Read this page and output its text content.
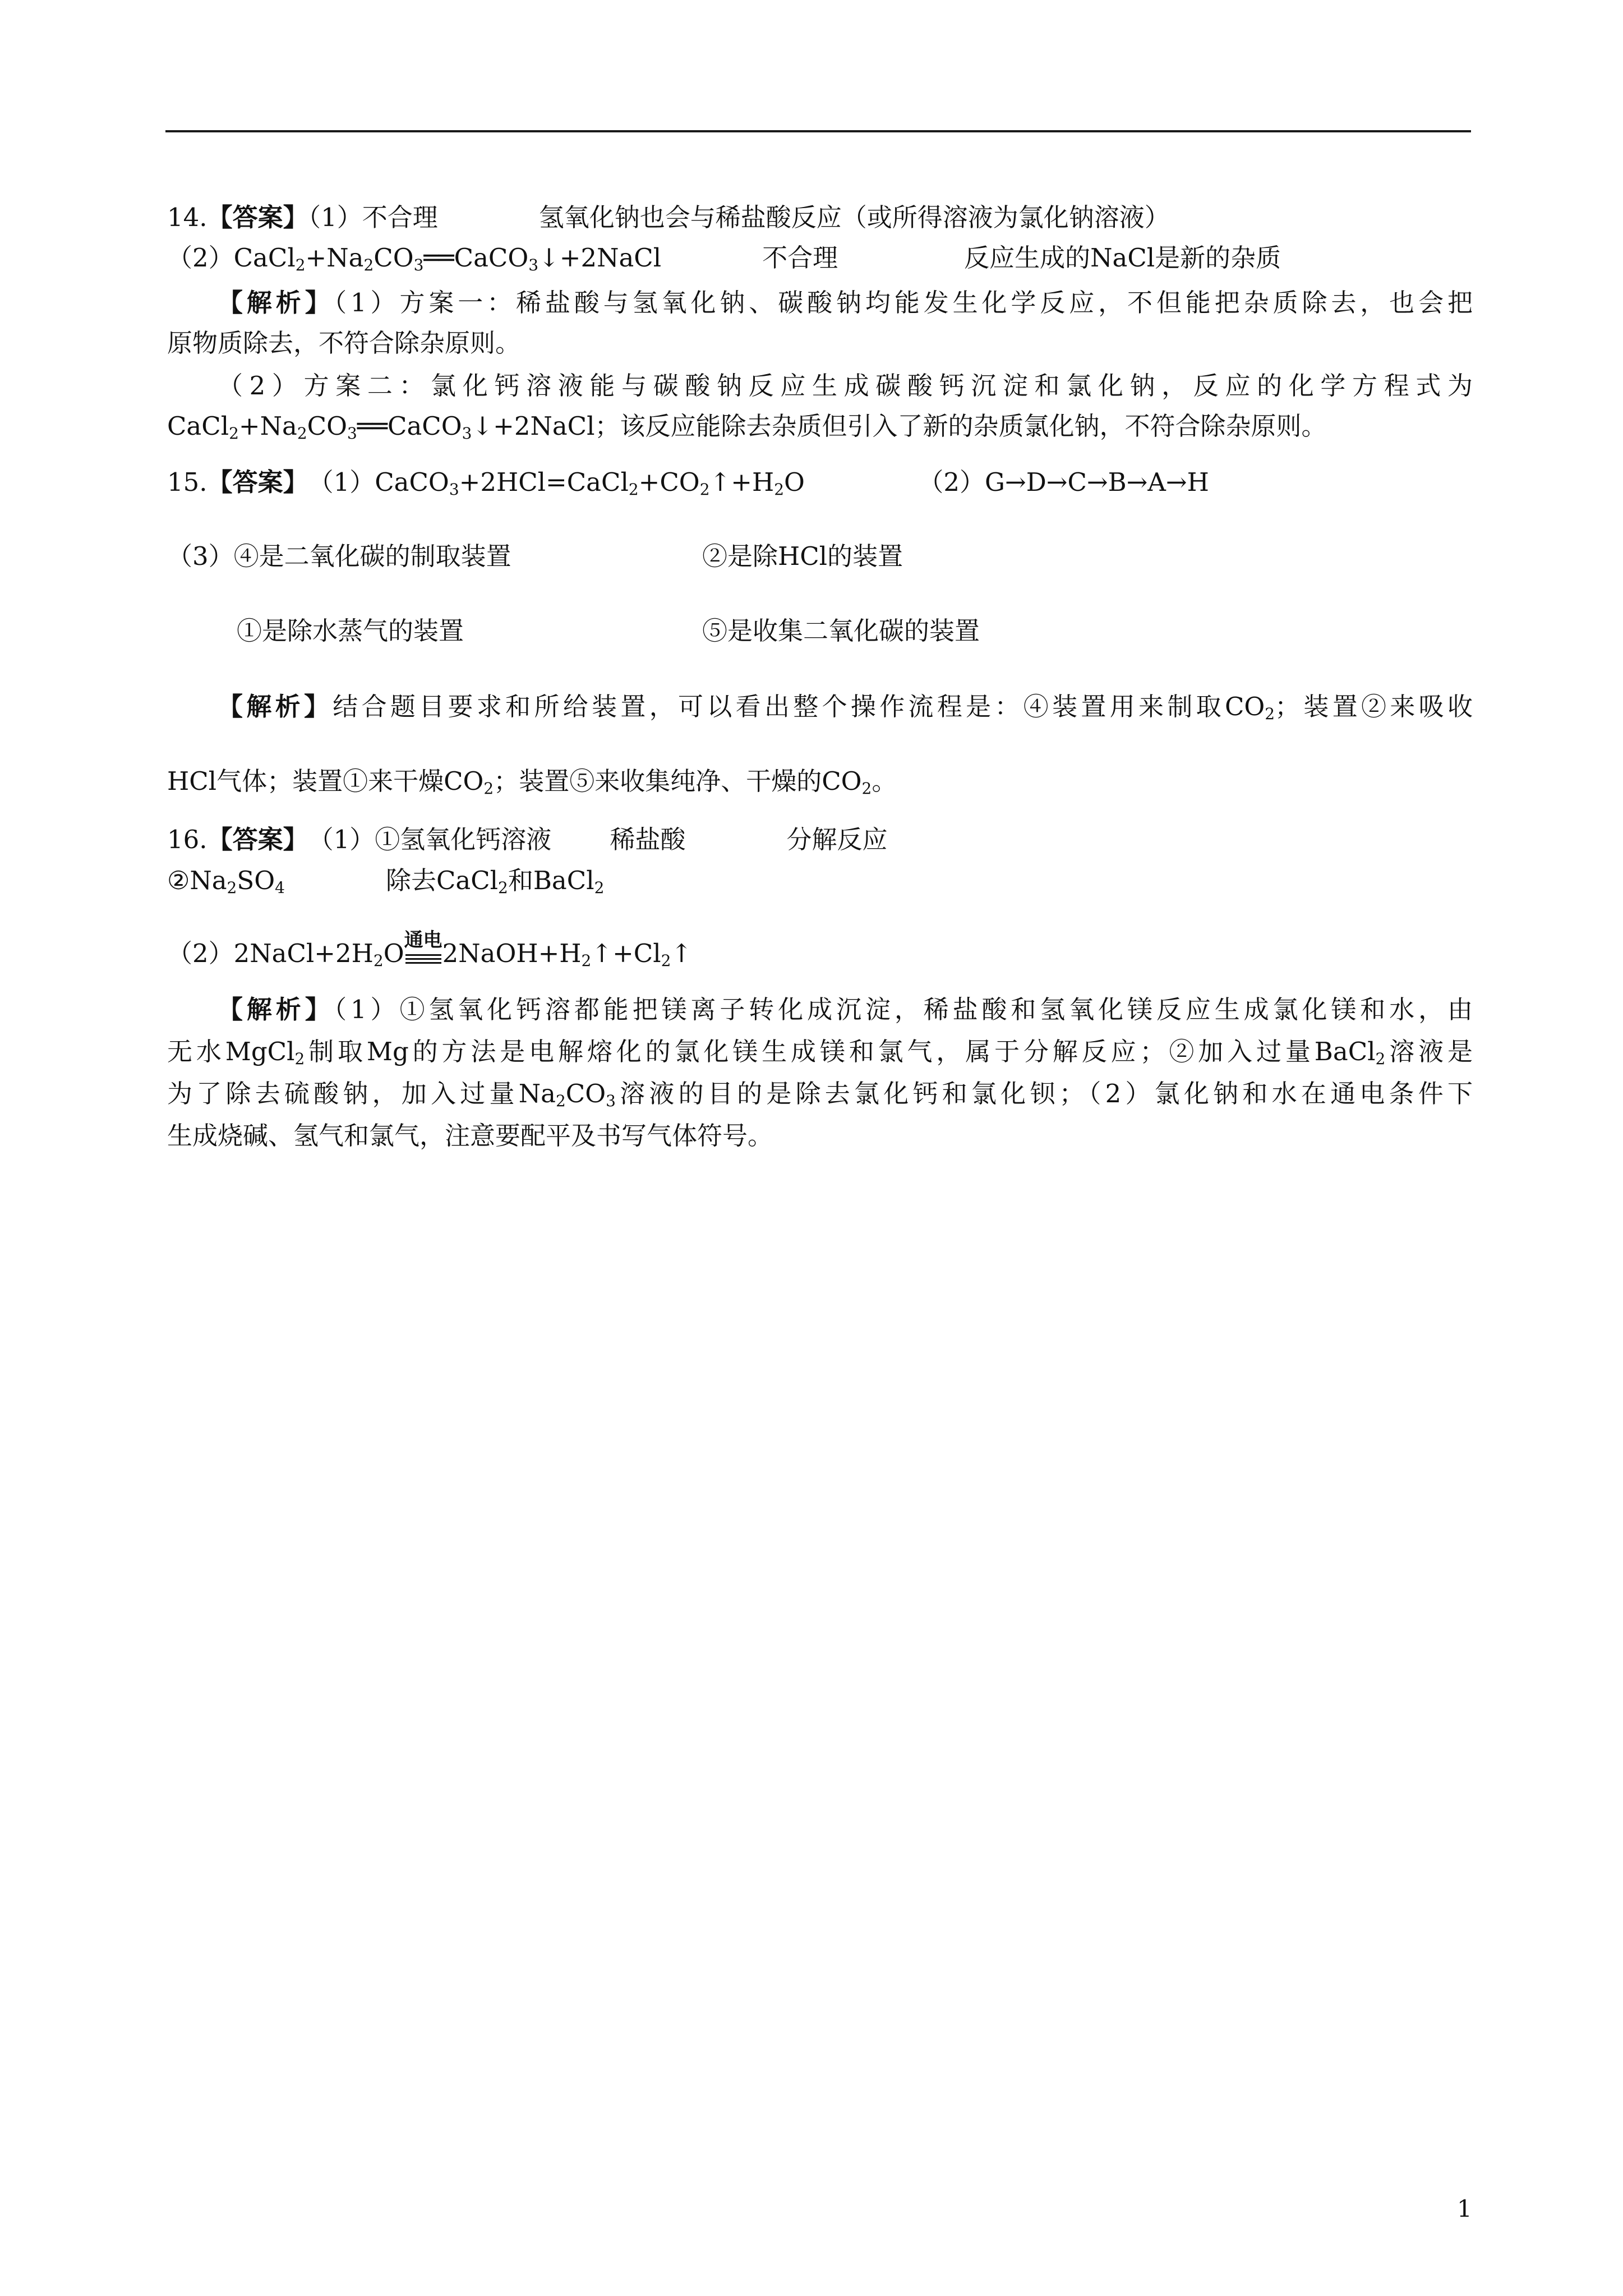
14.【答案】（1）不合理　　　　氢氧化钠也会与稀盐酸反应（或所得溶液为氯化钠溶液）
$(2)CaCl_2+Na_2CO_3══CaCO_3↓+2NaCl$　　　　不合理　　　　　反应生成的NaCl是新的杂质
【解析】（1）方案一：稀盐酸与氢氧化钠、碳酸钠均能发生化学反应，不但能把杂质除去，也会把
原物质除去，不符合除杂原则。
（2）方案二：氯化钙溶液能与碳酸钠反应生成碳酸钙沉淀和氯化钠，反应的化学方程式为
$CaCl_2+Na_2CO_3══CaCO_3↓+2NaCl$；该反应能除去杂质但引入了新的杂质氯化钠，不符合除杂原则。
15.【答案】　$(1)CaCO_3+2HCl=CaCl_2+CO_2↑+H_2O$　　　　　（2）G→D→C→B→A→H
（3）④是二氧化碳的制取装置	②是除HCl的装置
①是除水蒸气的装置	⑤是收集二氧化碳的装置
【解析】结合题目要求和所给装置，可以看出整个操作流程是：④装置用来制取$CO_2$；装置②来吸收
HCl气体；装置①来干燥$CO_2$；装置⑤来收集纯净、干燥的$CO_2$。
16.【答案】　（1）①氢氧化钙溶液　　 稀盐酸　　　　分解反应
$②Na_2SO_4$　　　　除去CaCl$_2$和BaCl$_2$
$(2)2NaCl+2H_2O$ 通电 $2NaOH+H_2↑+Cl_2↑$
【解析】（1）①氢氧化钙溶都能把镁离子转化成沉淀，稀盐酸和氢氧化镁反应生成氯化镁和水，由
无水MgCl$_2$制取Mg的方法是电解熔化的氯化镁生成镁和氯气，属于分解反应；②加入过量BaCl$_2$溶液是
为了除去硫酸钠，加入过量$Na_2CO_3$溶液的目的是除去氯化钙和氯化钡；（2）氯化钠和水在通电条件下
生成烧碱、氢气和氯气，注意要配平及书写气体符号。
1
